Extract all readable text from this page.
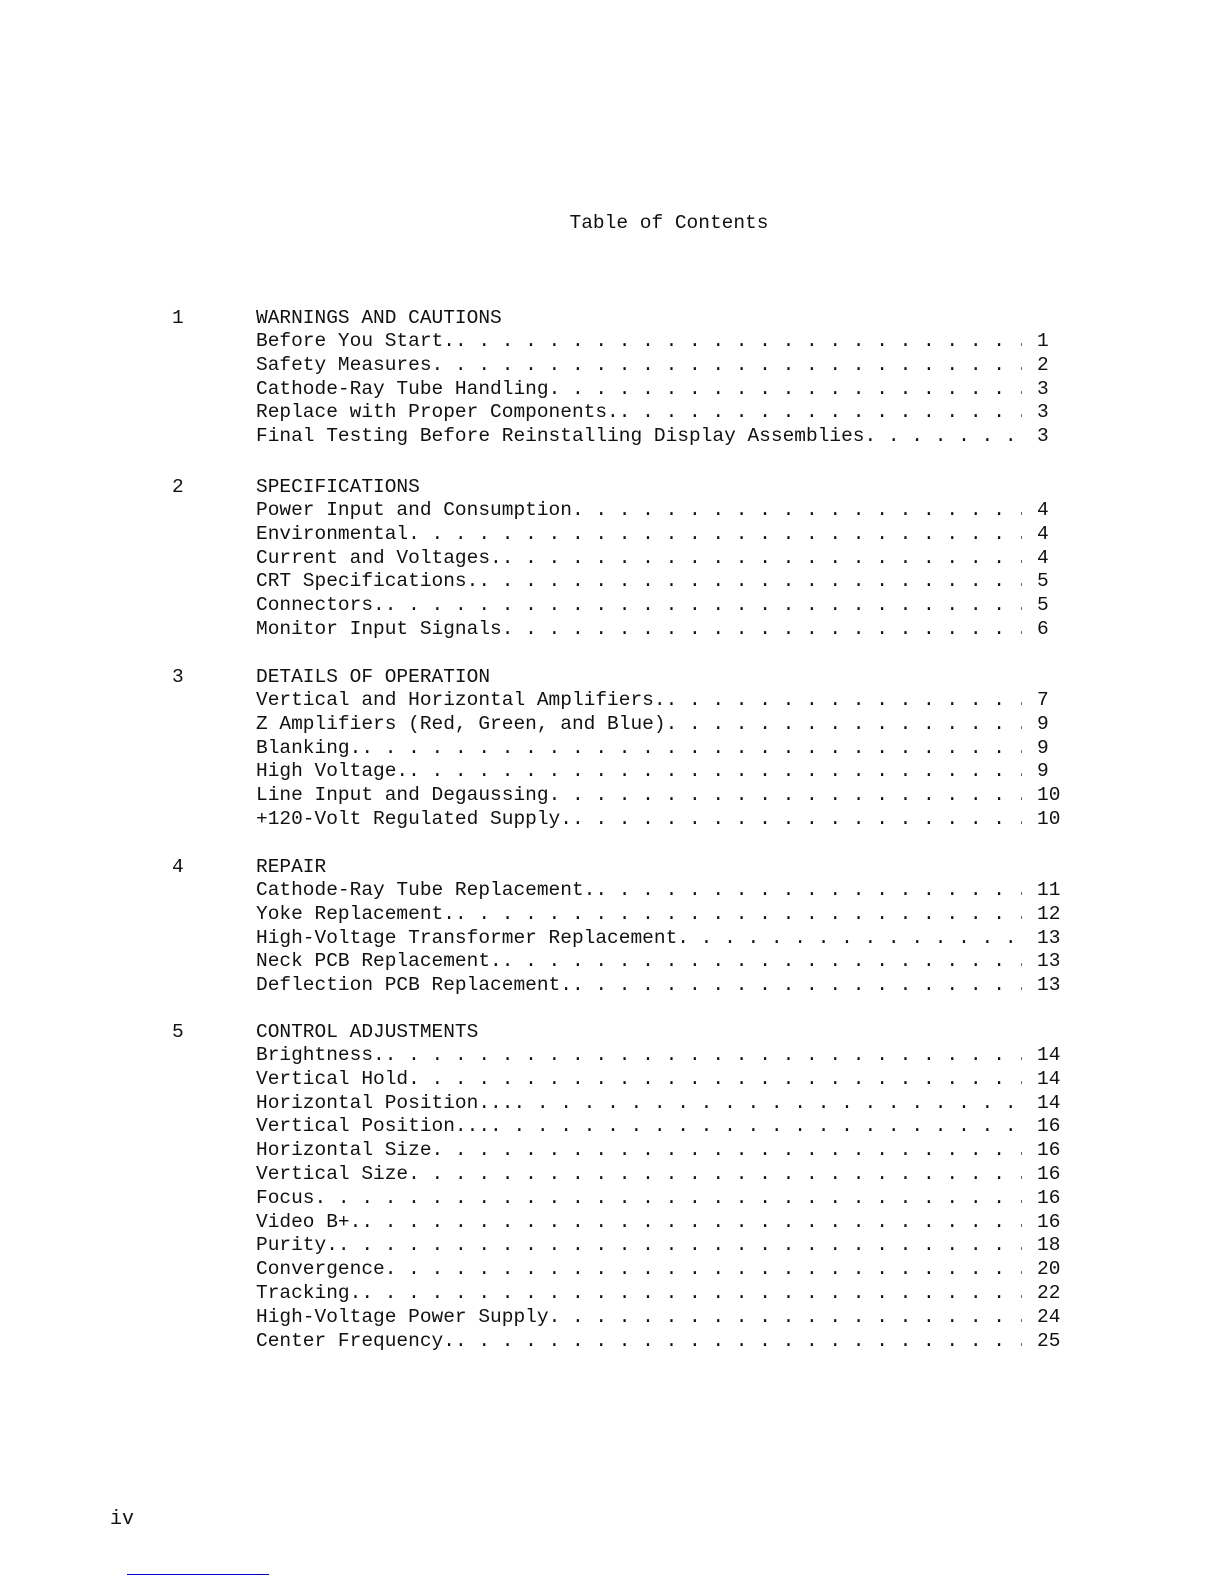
Table of Contents
1	WARNINGS AND CAUTIONS
Before You Start. . . .	1
Safety Measures . . .	2
Cathode-Ray Tube Handling . . .	3
Replace with Proper Components. . . .	3
Final Testing Before Reinstalling Display Assemblies . . .	3
2	SPECIFICATIONS
Power Input and Consumption . . .	4
Environmental . . .	4
Current and Voltages. . . .	4
CRT Specifications. . . .	5
Connectors. . . .	5
Monitor Input Signals . . .	6
3	DETAILS OF OPERATION
Vertical and Horizontal Amplifiers. . . .	7
Z Amplifiers (Red, Green, and Blue) . . .	9
Blanking. . . .	9
High Voltage. . . .	9
Line Input and Degaussing . . .	10
+120-Volt Regulated Supply. . . .	10
4	REPAIR
Cathode-Ray Tube Replacement. . . .	11
Yoke Replacement. . . .	12
High-Voltage Transformer Replacement . . .	13
Neck PCB Replacement. . . .	13
Deflection PCB Replacement. . . .	13
5	CONTROL ADJUSTMENTS
Brightness. . . .	14
Vertical Hold . . .	14
Horizontal Position... . . .	14
Vertical Position... . . .	16
Horizontal Size . . .	16
Vertical Size . . .	16
Focus . . .	16
Video B+. . . .	16
Purity. . . .	18
Convergence . . .	20
Tracking. . . .	22
High-Voltage Power Supply . . .	24
Center Frequency. . . .	25
iv
